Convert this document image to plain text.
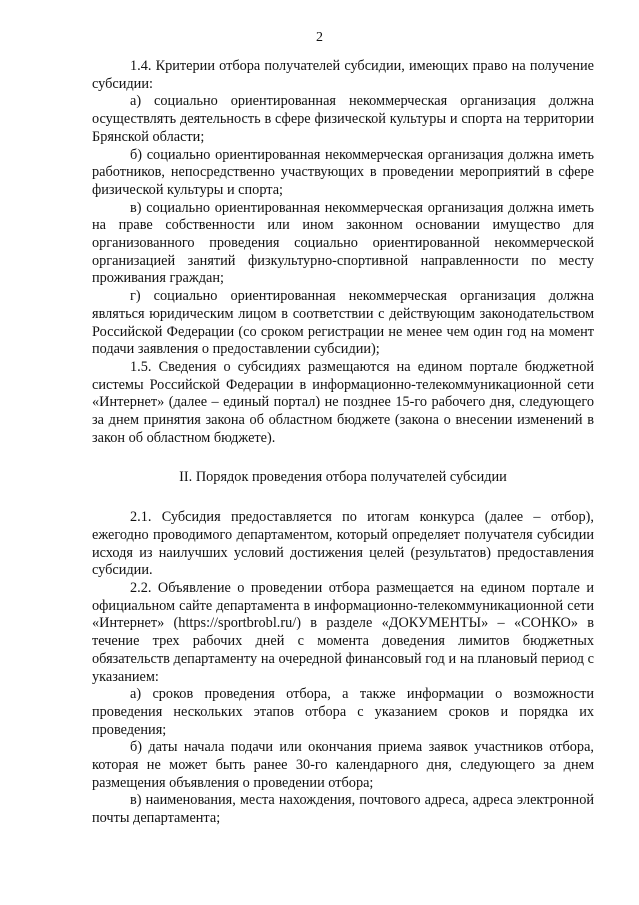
2

1.4. Критерии отбора получателей субсидии, имеющих право на получение субсидии:

а) социально ориентированная некоммерческая организация должна осуществлять деятельность в сфере физической культуры и спорта на территории Брянской области;

б) социально ориентированная некоммерческая организация должна иметь работников, непосредственно участвующих в проведении мероприятий в сфере физической культуры и спорта;

в) социально ориентированная некоммерческая организация должна иметь на праве собственности или ином законном основании имущество для организованного проведения социально ориентированной некоммерческой организацией занятий физкультурно-спортивной направленности по месту проживания граждан;

г) социально ориентированная некоммерческая организация должна являться юридическим лицом в соответствии с действующим законодательством Российской Федерации (со сроком регистрации не менее чем один год на момент подачи заявления о предоставлении субсидии);

1.5. Сведения о субсидиях размещаются на едином портале бюджетной системы Российской Федерации в информационно-телекоммуникационной сети «Интернет» (далее – единый портал) не позднее 15-го рабочего дня, следующего за днем принятия закона об областном бюджете (закона о внесении изменений в закон об областном бюджете).

II. Порядок проведения отбора получателей субсидии

2.1. Субсидия предоставляется по итогам конкурса (далее – отбор), ежегодно проводимого департаментом, который определяет получателя субсидии исходя из наилучших условий достижения целей (результатов) предоставления субсидии.

2.2. Объявление о проведении отбора размещается на едином портале и официальном сайте департамента в информационно-телекоммуникационной сети «Интернет» (https://sportbrobl.ru/) в разделе «ДОКУМЕНТЫ» – «СОНКО» в течение трех рабочих дней с момента доведения лимитов бюджетных обязательств департаменту на очередной финансовый год и на плановый период с указанием:

а) сроков проведения отбора, а также информации о возможности проведения нескольких этапов отбора с указанием сроков и порядка их проведения;

б) даты начала подачи или окончания приема заявок участников отбора, которая не может быть ранее 30-го календарного дня, следующего за днем размещения объявления о проведении отбора;

в) наименования, места нахождения, почтового адреса, адреса электронной почты департамента;
